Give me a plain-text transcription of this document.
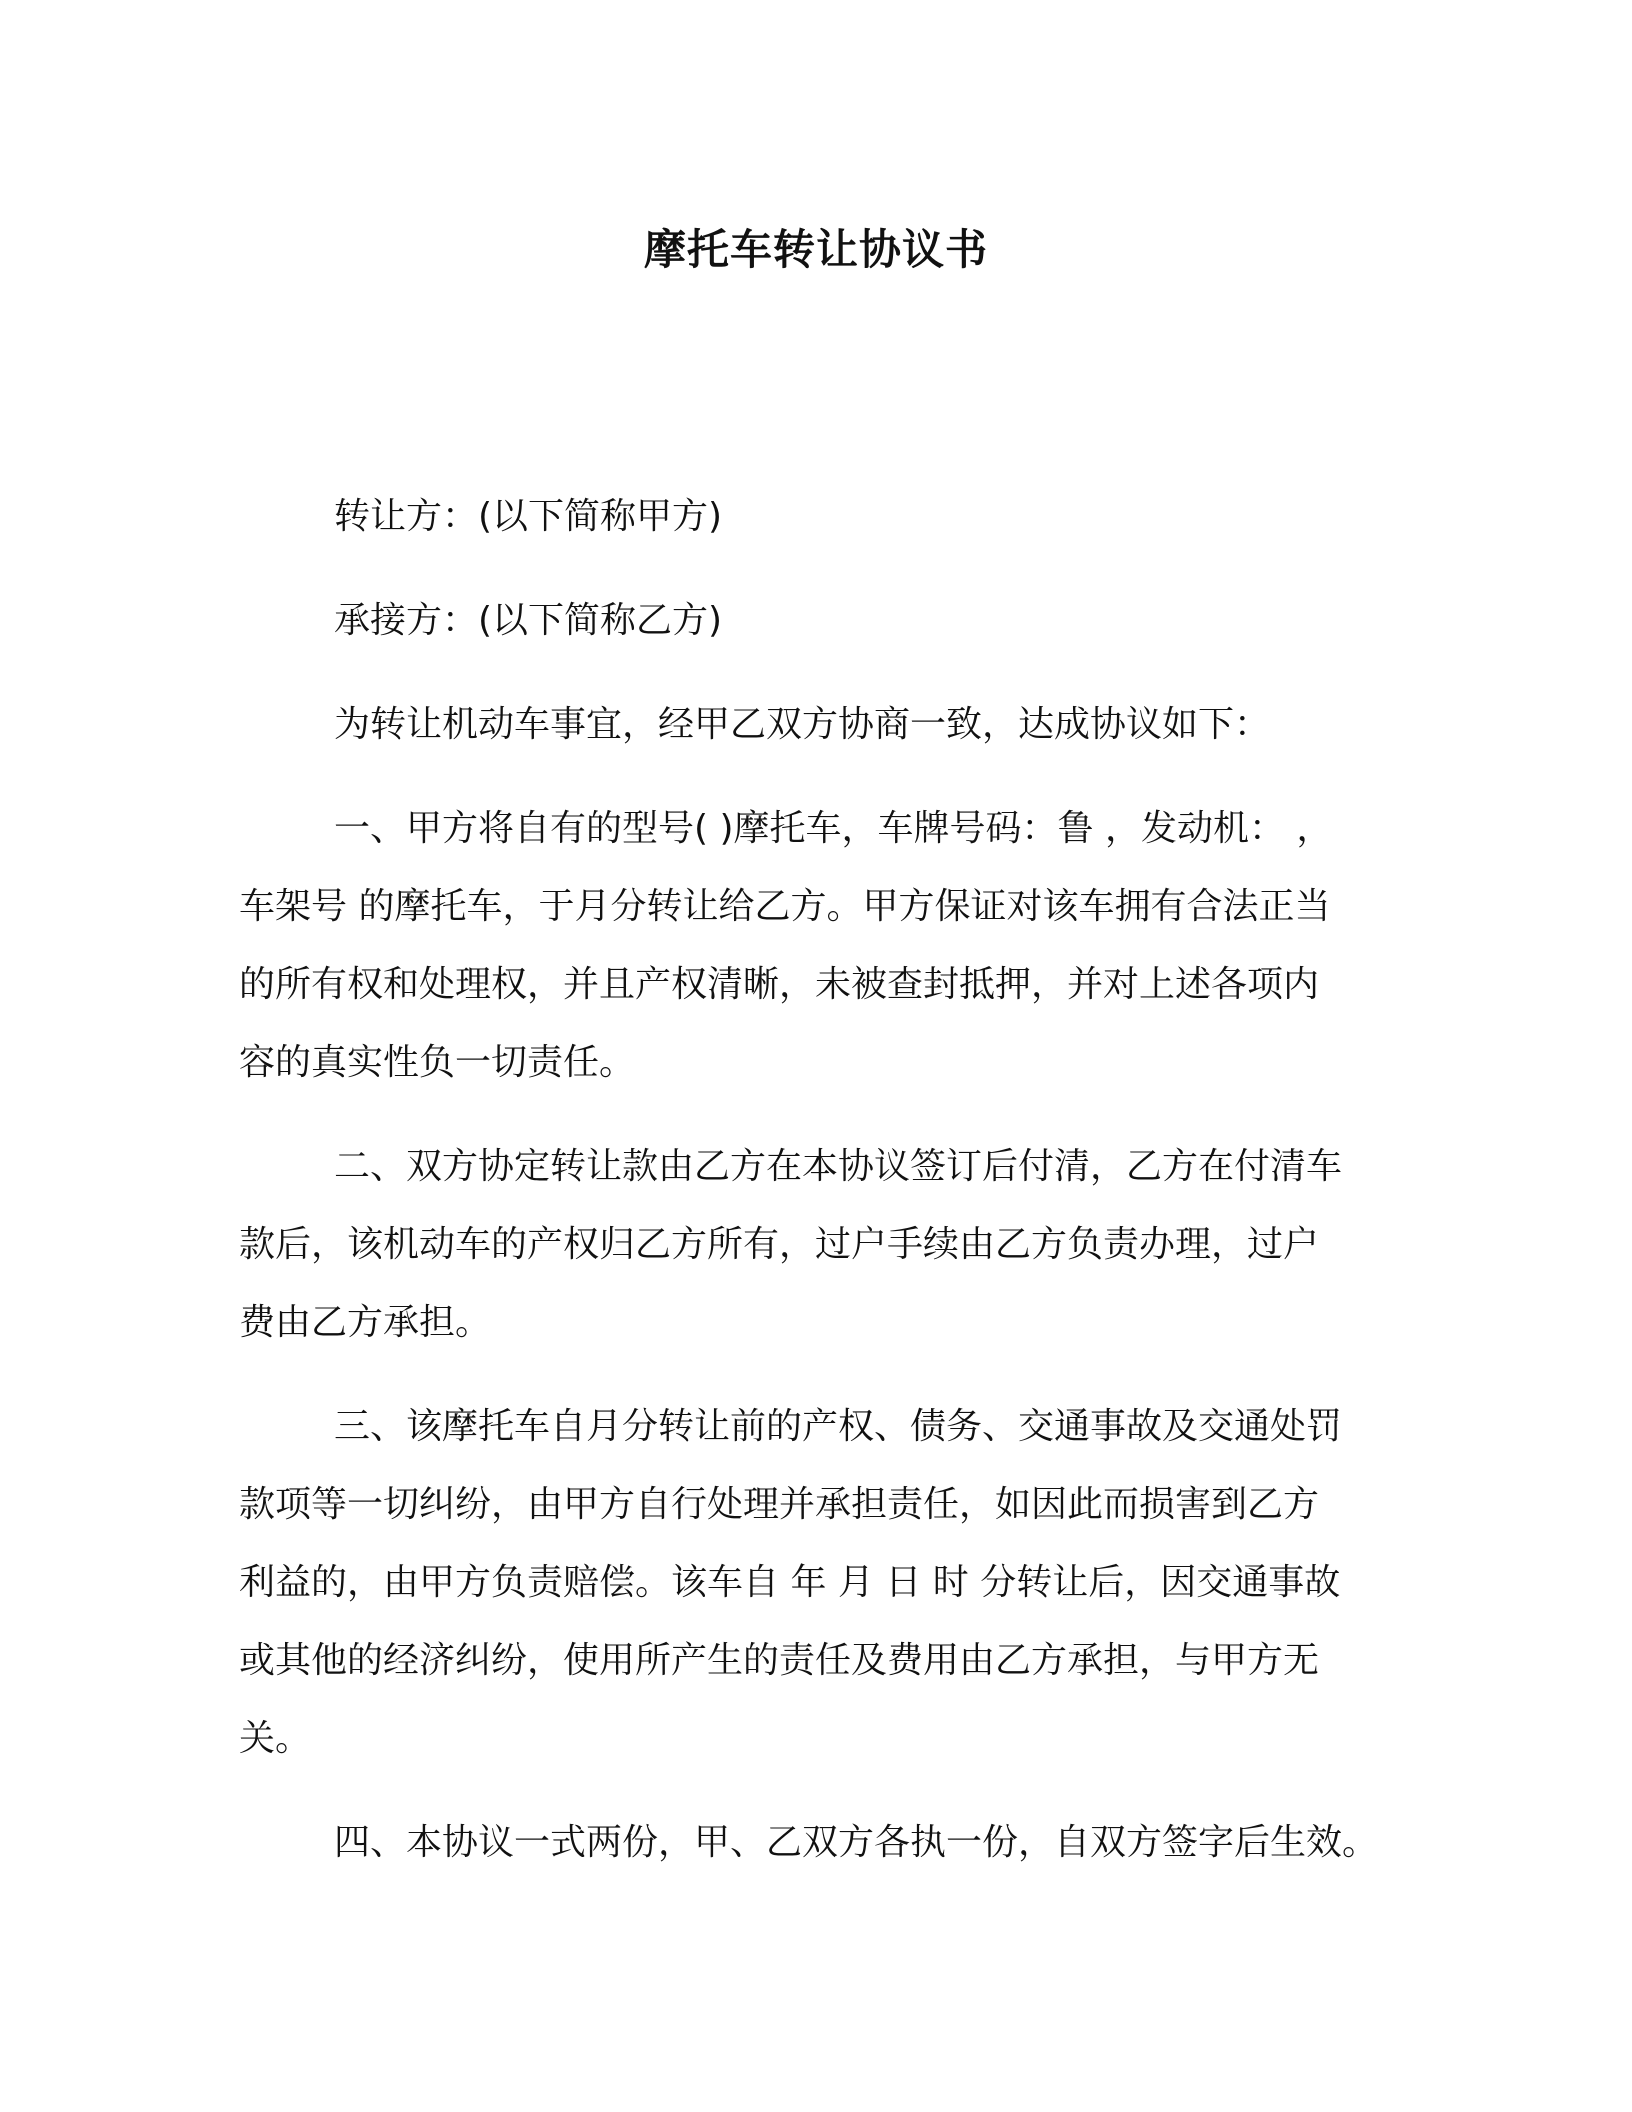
摩托车转让协议书
转让方：(以下简称甲方)
承接方：(以下简称乙方)
为转让机动车事宜，经甲乙双方协商一致，达成协议如下：
一、甲方将自有的型号( )摩托车，车牌号码：鲁 ，发动机： ，
车架号 的摩托车，于月分转让给乙方。甲方保证对该车拥有合法正当
的所有权和处理权，并且产权清晰，未被查封抵押，并对上述各项内
容的真实性负一切责任。
二、双方协定转让款由乙方在本协议签订后付清，乙方在付清车
款后，该机动车的产权归乙方所有，过户手续由乙方负责办理，过户
费由乙方承担。
三、该摩托车自月分转让前的产权、债务、交通事故及交通处罚
款项等一切纠纷，由甲方自行处理并承担责任，如因此而损害到乙方
利益的，由甲方负责赔偿。该车自 年 月 日 时 分转让后，因交通事故
或其他的经济纠纷，使用所产生的责任及费用由乙方承担，与甲方无
关。
四、本协议一式两份，甲、乙双方各执一份，自双方签字后生效。
